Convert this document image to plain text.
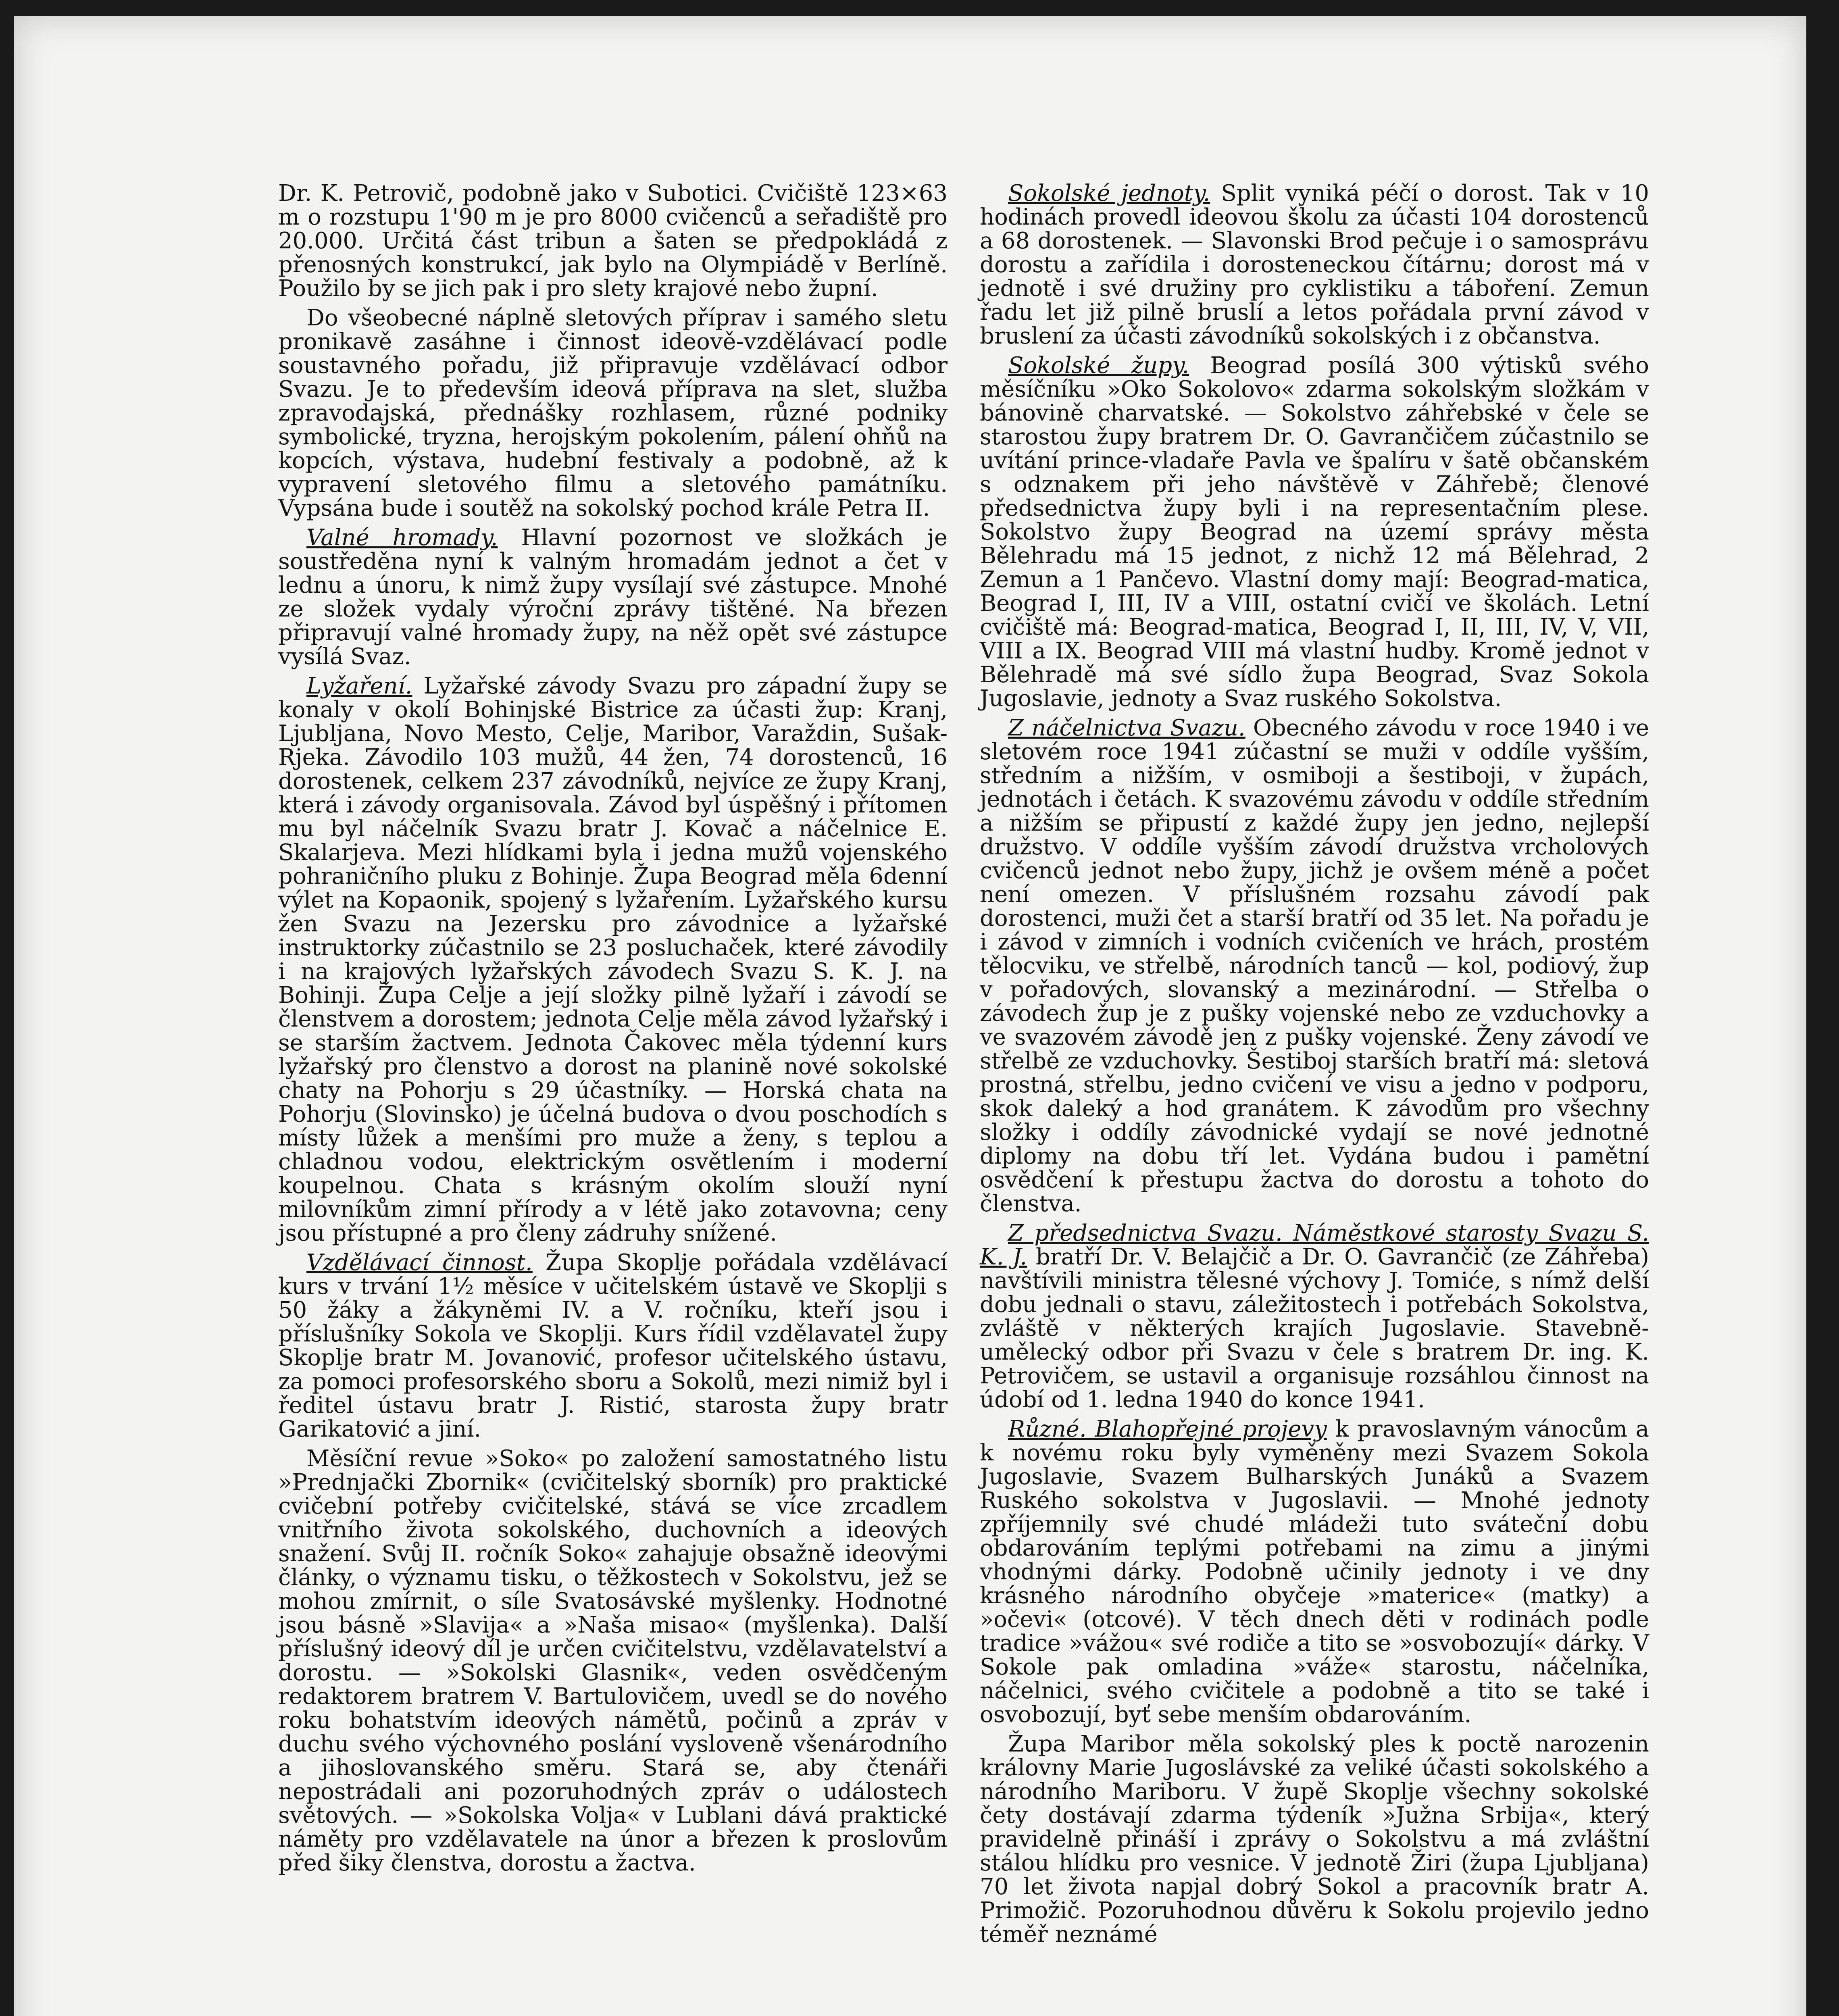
Dr. K. Petrovič, podobně jako v Subotici. Cvičiště 123×63 m o rozstupu 1'90 m je pro 8000 cvičenců a seřadiště pro 20.000. Určitá část tribun a šaten se předpokládá z přenosných konstrukcí, jak bylo na Olympiádě v Berlíně. Použilo by se jich pak i pro slety krajové nebo župní.

Do všeobecné náplně sletových příprav i samého sletu pronikavě zasáhne i činnost ideově-vzdělávací podle soustavného pořadu, již připravuje vzdělávací odbor Svazu. Je to především ideová příprava na slet, služba zpravodajská, přednášky rozhlasem, různé podniky symbolické, tryzna, herojským pokolením, pálení ohňů na kopcích, výstava, hudební festivaly a podobně, až k vypravení sletového filmu a sletového památníku. Vypsána bude i soutěž na sokolský pochod krále Petra II.

Valné hromady. Hlavní pozornost ve složkách je soustředěna nyní k valným hromadám jednot a čet v lednu a únoru, k nimž župy vysílají své zástupce. Mnohé ze složek vydaly výroční zprávy tištěné. Na březen připravují valné hromady župy, na něž opět své zástupce vysílá Svaz.

Lyžaření. Lyžařské závody Svazu pro západní župy se konaly v okolí Bohinjské Bistrice za účasti žup: Kranj, Ljubljana, Novo Mesto, Celje, Maribor, Varaždin, Sušak-Rjeka. Závodilo 103 mužů, 44 žen, 74 dorostenců, 16 dorostenek, celkem 237 závodníků, nejvíce ze župy Kranj, která i závody organisovala. Závod byl úspěšný i přítomen mu byl náčelník Svazu bratr J. Kovač a náčelnice E. Skalarjeva. Mezi hlídkami byla i jedna mužů vojenského pohraničního pluku z Bohinje. Župa Beograd měla 6denní výlet na Kopaonik, spojený s lyžařením. Lyžařského kursu žen Svazu na Jezersku pro závodnice a lyžařské instruktorky zúčastnilo se 23 posluchaček, které závodily i na krajových lyžařských závodech Svazu S. K. J. na Bohinji. Župa Celje a její složky pilně lyžaří i závodí se členstvem a dorostem; jednota Celje měla závod lyžařský i se starším žactvem. Jednota Čakovec měla týdenní kurs lyžařský pro členstvo a dorost na planině nové sokolské chaty na Pohorju s 29 účastníky. — Horská chata na Pohorju (Slovinsko) je účelná budova o dvou poschodích s místy lůžek a menšími pro muže a ženy, s teplou a chladnou vodou, elektrickým osvětlením i moderní koupelnou. Chata s krásným okolím slouží nyní milovníkům zimní přírody a v létě jako zotavovna; ceny jsou přístupné a pro členy zádruhy snížené.

Vzdělávací činnost. Župa Skoplje pořádala vzdělávací kurs v trvání 1½ měsíce v učitelském ústavě ve Skoplji s 50 žáky a žákyněmi IV. a V. ročníku, kteří jsou i příslušníky Sokola ve Skoplji. Kurs řídil vzdělavatel župy Skoplje bratr M. Jovanović, profesor učitelského ústavu, za pomoci profesorského sboru a Sokolů, mezi nimiž byl i ředitel ústavu bratr J. Ristić, starosta župy bratr Garikatović a jiní.

Měsíční revue »Soko« po založení samostatného listu »Prednjački Zbornik« (cvičitelský sborník) pro praktické cvičební potřeby cvičitelské, stává se více zrcadlem vnitřního života sokolského, duchovních a ideových snažení. Svůj II. ročník Soko« zahajuje obsažně ideovými články, o významu tisku, o těžkostech v Sokolstvu, jež se mohou zmírnit, o síle Svatosávské myšlenky. Hodnotné jsou básně »Slavija« a »Naša misao« (myšlenka). Další příslušný ideový díl je určen cvičitelstvu, vzdělavatelství a dorostu. — »Sokolski Glasnik«, veden osvědčeným redaktorem bratrem V. Bartulovičem, uvedl se do nového roku bohatstvím ideových námětů, počinů a zpráv v duchu svého výchovného poslání vysloveně všenárodního a jihoslovanského směru. Stará se, aby čtenáři nepostrádali ani pozoruhodných zpráv o událostech světových. — »Sokolska Volja« v Lublani dává praktické náměty pro vzdělavatele na únor a březen k proslovům před šiky členstva, dorostu a žactva.

Sokolské jednoty. Split vyniká péčí o dorost. Tak v 10 hodinách provedl ideovou školu za účasti 104 dorostenců a 68 dorostenek. — Slavonski Brod pečuje i o samosprávu dorostu a zařídila i dorosteneckou čítárnu; dorost má v jednotě i své družiny pro cyklistiku a táboření. Zemun řadu let již pilně bruslí a letos pořádala první závod v bruslení za účasti závodníků sokolských i z občanstva.

Sokolské župy. Beograd posílá 300 výtisků svého měsíčníku »Oko Sokolovo« zdarma sokolským složkám v bánovině charvatské. — Sokolstvo záhřebské v čele se starostou župy bratrem Dr. O. Gavrančičem zúčastnilo se uvítání prince-vladaře Pavla ve špalíru v šatě občanském s odznakem při jeho návštěvě v Záhřebě; členové předsednictva župy byli i na representačním plese. Sokolstvo župy Beograd na území správy města Bělehradu má 15 jednot, z nichž 12 má Bělehrad, 2 Zemun a 1 Pančevo. Vlastní domy mají: Beograd-matica, Beograd I, III, IV a VIII, ostatní cvičí ve školách. Letní cvičiště má: Beograd-matica, Beograd I, II, III, IV, V, VII, VIII a IX. Beograd VIII má vlastní hudby. Kromě jednot v Bělehradě má své sídlo župa Beograd, Svaz Sokola Jugoslavie, jednoty a Svaz ruského Sokolstva.

Z náčelnictva Svazu. Obecného závodu v roce 1940 i ve sletovém roce 1941 zúčastní se muži v oddíle vyšším, středním a nižším, v osmiboji a šestiboji, v župách, jednotách i četách. K svazovému závodu v oddíle středním a nižším se připustí z každé župy jen jedno, nejlepší družstvo. V oddíle vyšším závodí družstva vrcholových cvičenců jednot nebo župy, jichž je ovšem méně a počet není omezen. V příslušném rozsahu závodí pak dorostenci, muži čet a starší bratří od 35 let. Na pořadu je i závod v zimních i vodních cvičeních ve hrách, prostém tělocviku, ve střelbě, národních tanců — kol, podiový, žup v pořadových, slovanský a mezinárodní. — Střelba o závodech žup je z pušky vojenské nebo ze vzduchovky a ve svazovém závodě jen z pušky vojenské. Ženy závodí ve střelbě ze vzduchovky. Šestiboj starších bratří má: sletová prostná, střelbu, jedno cvičení ve visu a jedno v podporu, skok daleký a hod granátem. K závodům pro všechny složky i oddíly závodnické vydají se nové jednotné diplomy na dobu tří let. Vydána budou i pamětní osvědčení k přestupu žactva do dorostu a tohoto do členstva.

Z předsednictva Svazu. Náměstkové starosty Svazu S. K. J. bratří Dr. V. Belajčič a Dr. O. Gavrančič (ze Záhřeba) navštívili ministra tělesné výchovy J. Tomiće, s nímž delší dobu jednali o stavu, záležitostech i potřebách Sokolstva, zvláště v některých krajích Jugoslavie. Stavebně-umělecký odbor při Svazu v čele s bratrem Dr. ing. K. Petrovičem, se ustavil a organisuje rozsáhlou činnost na údobí od 1. ledna 1940 do konce 1941.

Různé. Blahopřejné projevy k pravoslavným vánocům a k novému roku byly vyměněny mezi Svazem Sokola Jugoslavie, Svazem Bulharských Junáků a Svazem Ruského sokolstva v Jugoslavii. — Mnohé jednoty zpříjemnily své chudé mládeži tuto sváteční dobu obdarováním teplými potřebami na zimu a jinými vhodnými dárky. Podobně učinily jednoty i ve dny krásného národního obyčeje »materice« (matky) a »očevi« (otcové). V těch dnech děti v rodinách podle tradice »vážou« své rodiče a tito se »osvobozují« dárky. V Sokole pak omladina »váže« starostu, náčelníka, náčelnici, svého cvičitele a podobně a tito se také i osvobozují, byť sebe menším obdarováním.

Župa Maribor měla sokolský ples k poctě narozenin královny Marie Jugoslávské za veliké účasti sokolského a národního Mariboru. V župě Skoplje všechny sokolské čety dostávají zdarma týdeník »Južna Srbija«, který pravidelně přináší i zprávy o Sokolstvu a má zvláštní stálou hlídku pro vesnice. V jednotě Žiri (župa Ljubljana) 70 let života napjal dobrý Sokol a pracovník bratr A. Primožič. Pozoruhodnou důvěru k Sokolu projevilo jedno téměř neznámé
